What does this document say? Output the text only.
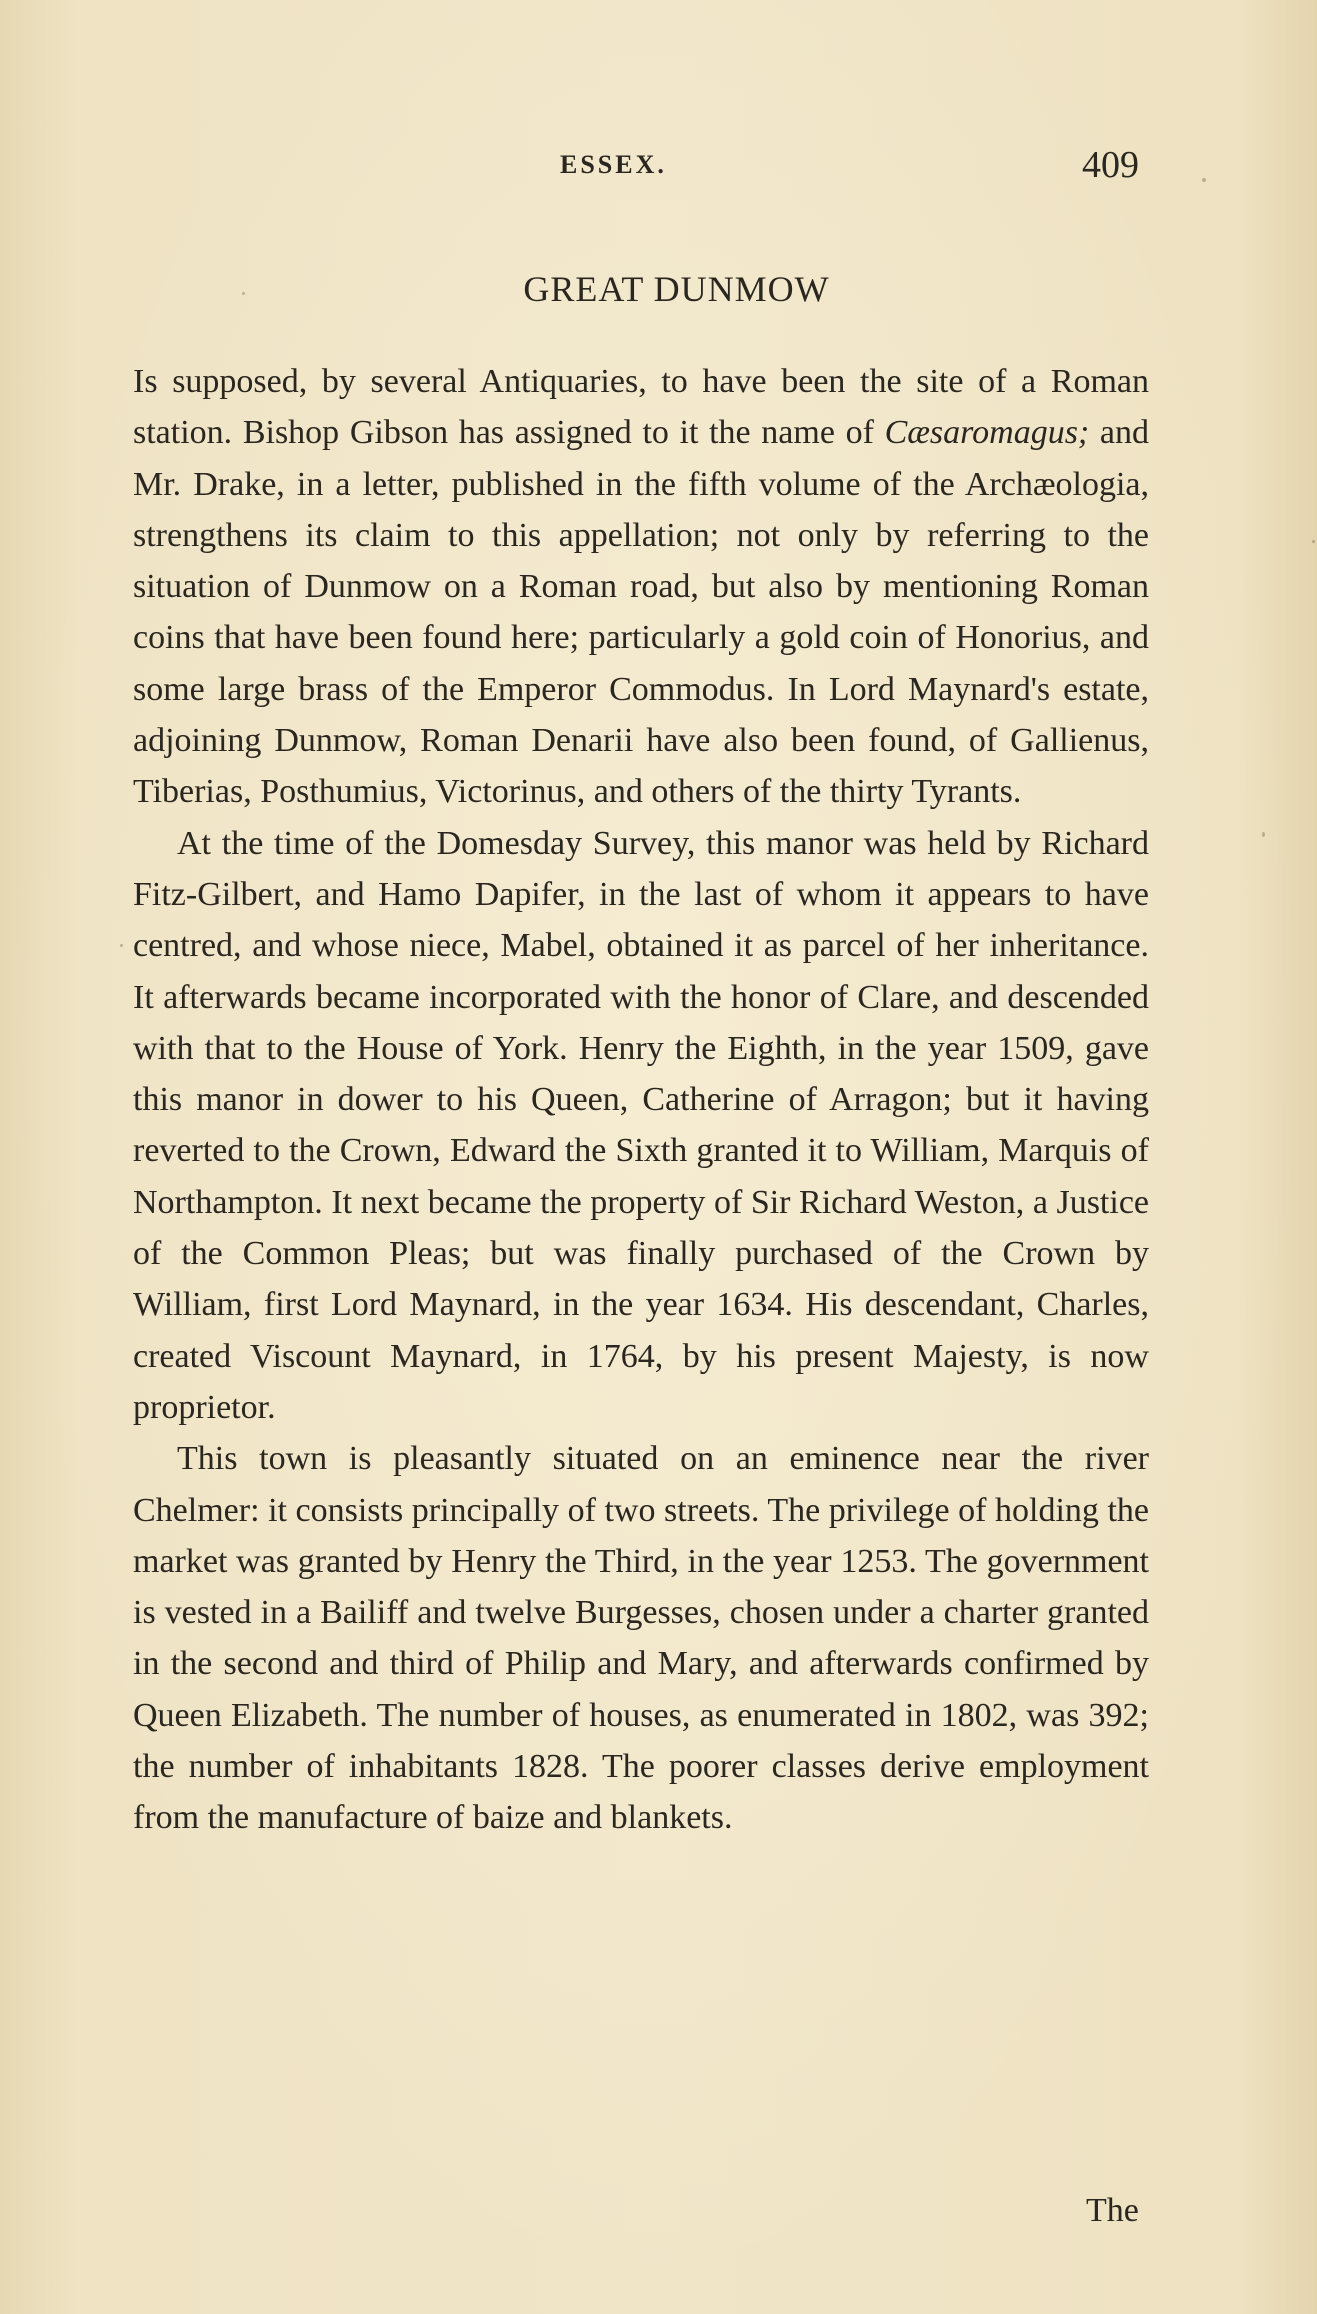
ESSEX.	409
GREAT DUNMOW

Is supposed, by several Antiquaries, to have been the site of a Roman station. Bishop Gibson has assigned to it the name of Cæsaromagus; and Mr. Drake, in a letter, published in the fifth volume of the Archæologia, strengthens its claim to this appellation; not only by referring to the situation of Dunmow on a Roman road, but also by mentioning Roman coins that have been found here; particularly a gold coin of Honorius, and some large brass of the Emperor Commodus. In Lord Maynard's estate, adjoining Dunmow, Roman Denarii have also been found, of Gallienus, Tiberias, Posthumius, Victorinus, and others of the thirty Tyrants.

At the time of the Domesday Survey, this manor was held by Richard Fitz-Gilbert, and Hamo Dapifer, in the last of whom it appears to have centred, and whose niece, Mabel, obtained it as parcel of her inheritance. It afterwards became incorporated with the honor of Clare, and descended with that to the House of York. Henry the Eighth, in the year 1509, gave this manor in dower to his Queen, Catherine of Arragon; but it having reverted to the Crown, Edward the Sixth granted it to William, Marquis of Northampton. It next became the property of Sir Richard Weston, a Justice of the Common Pleas; but was finally purchased of the Crown by William, first Lord Maynard, in the year 1634. His descendant, Charles, created Viscount Maynard, in 1764, by his present Majesty, is now proprietor.

This town is pleasantly situated on an eminence near the river Chelmer: it consists principally of two streets. The privilege of holding the market was granted by Henry the Third, in the year 1253. The government is vested in a Bailiff and twelve Burgesses, chosen under a charter granted in the second and third of Philip and Mary, and afterwards confirmed by Queen Elizabeth. The number of houses, as enumerated in 1802, was 392; the number of inhabitants 1828. The poorer classes derive employment from the manufacture of baize and blankets.

The
